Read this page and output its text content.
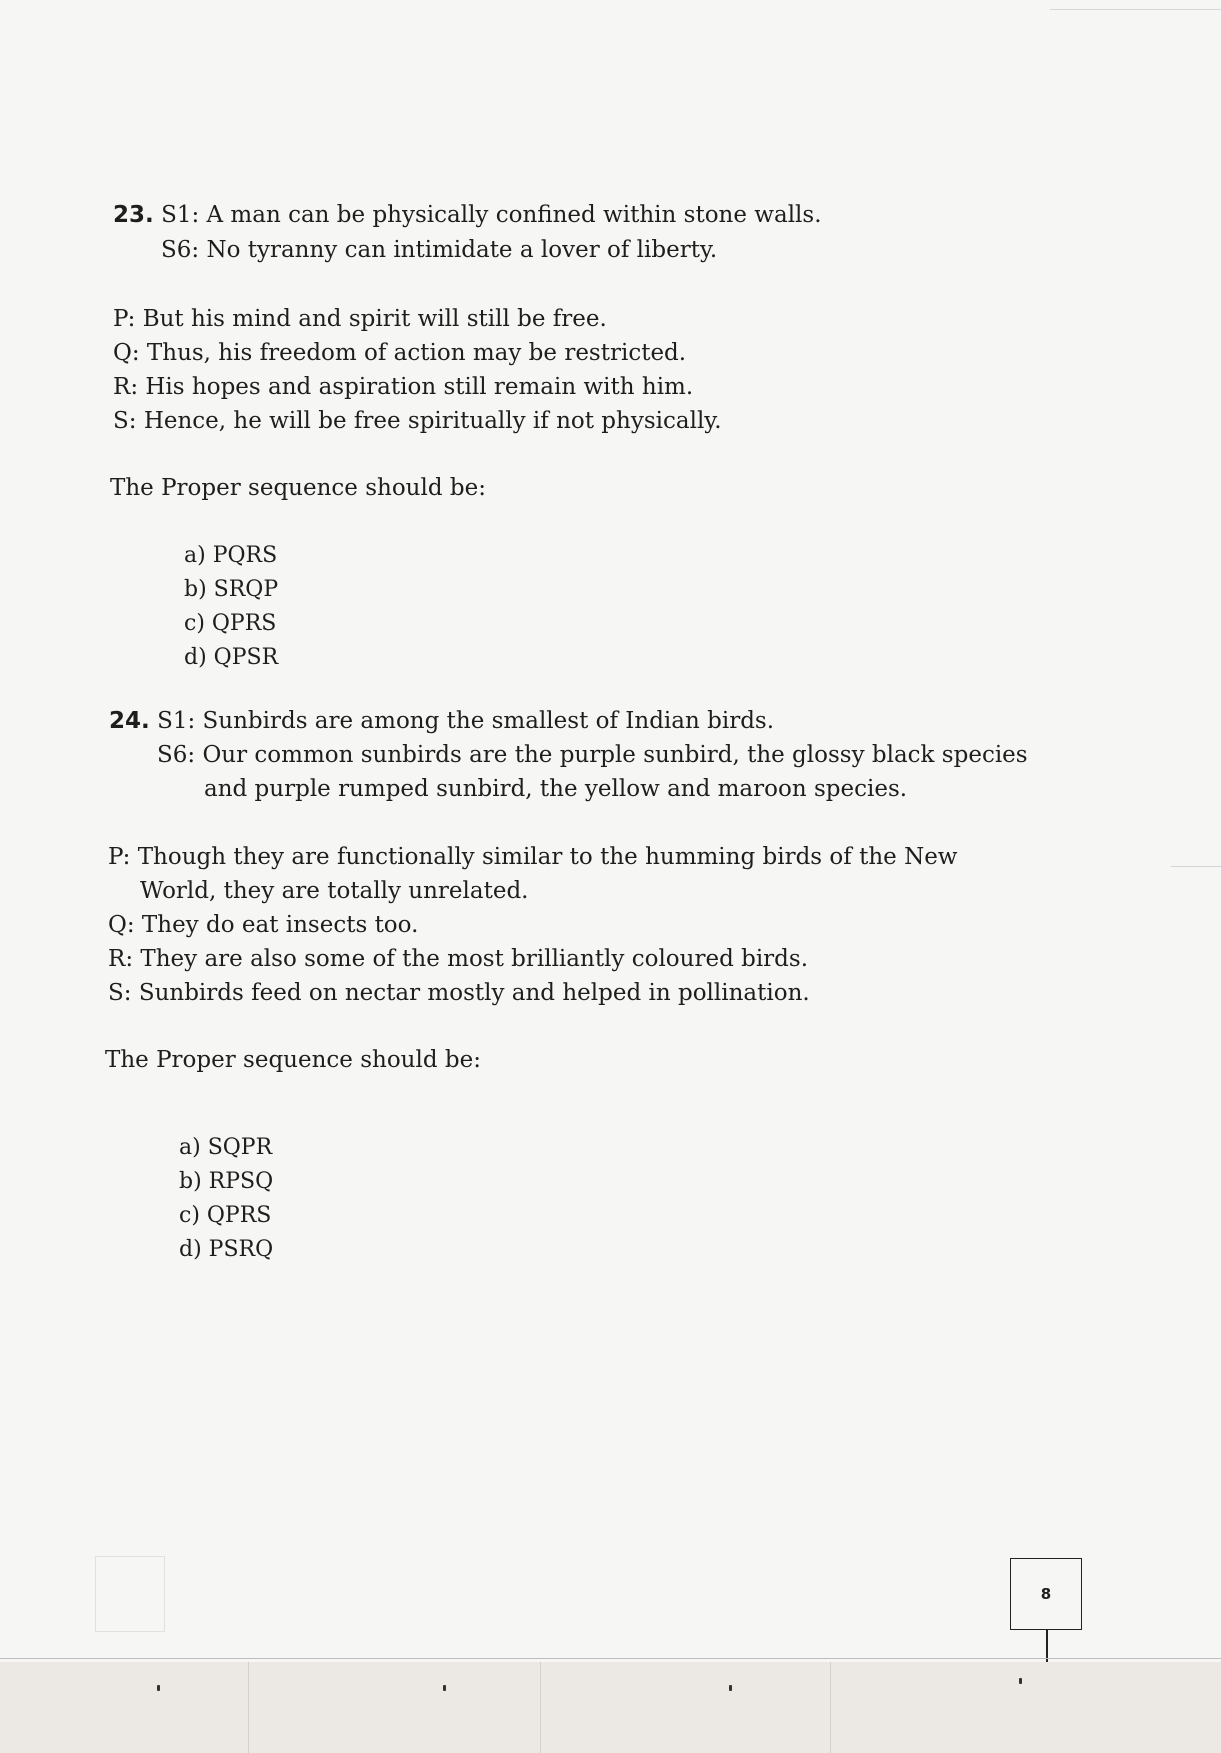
23. S1: A man can be physically confined within stone walls.
S6: No tyranny can intimidate a lover of liberty.
P: But his mind and spirit will still be free.
Q: Thus, his freedom of action may be restricted.
R: His hopes and aspiration still remain with him.
S: Hence, he will be free spiritually if not physically.
The Proper sequence should be:
a) PQRS
b) SRQP
c) QPRS
d) QPSR
24. S1: Sunbirds are among the smallest of Indian birds.
S6: Our common sunbirds are the purple sunbird, the glossy black species
and purple rumped sunbird, the yellow and maroon species.
P: Though they are functionally similar to the humming birds of the New
World, they are totally unrelated.
Q: They do eat insects too.
R: They are also some of the most brilliantly coloured birds.
S: Sunbirds feed on nectar mostly and helped in pollination.
The Proper sequence should be:
a) SQPR
b) RPSQ
c) QPRS
d) PSRQ
8
